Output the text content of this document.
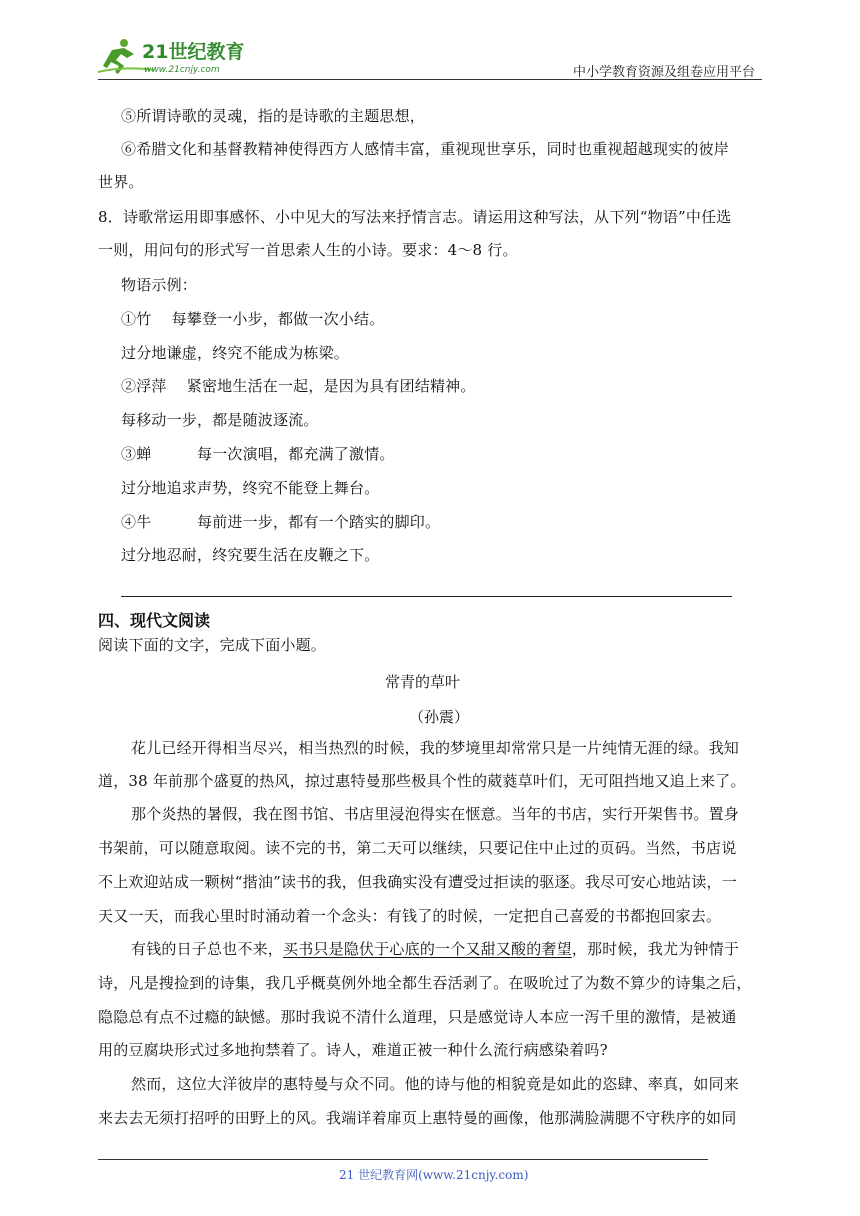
21世纪教育
www.21cnjy.com	中小学教育资源及组卷应用平台
⑤所谓诗歌的灵魂，指的是诗歌的主题思想，
⑥希腊文化和基督教精神使得西方人感情丰富，重视现世享乐，同时也重视超越现实的彼岸
世界。
8．诗歌常运用即事感怀、小中见大的写法来抒情言志。请运用这种写法，从下列“物语”中任选
一则，用问句的形式写一首思索人生的小诗。要求：4～8 行。
物语示例：
①竹　 每攀登一小步，都做一次小结。
过分地谦虚，终究不能成为栋梁。
②浮萍　 紧密地生活在一起，是因为具有团结精神。
每移动一步，都是随波逐流。
③蝉　　　每一次演唱，都充满了激情。
过分地追求声势，终究不能登上舞台。
④牛　　　每前进一步，都有一个踏实的脚印。
过分地忍耐，终究要生活在皮鞭之下。
四、现代文阅读
阅读下面的文字，完成下面小题。
常青的草叶
（孙震）
花儿已经开得相当尽兴，相当热烈的时候，我的梦境里却常常只是一片纯情无涯的绿。我知
道，38 年前那个盛夏的热风，掠过惠特曼那些极具个性的葳蕤草叶们，无可阻挡地又追上来了。
那个炎热的暑假，我在图书馆、书店里浸泡得实在惬意。当年的书店，实行开架售书。置身
书架前，可以随意取阅。读不完的书，第二天可以继续，只要记住中止过的页码。当然，书店说
不上欢迎站成一颗树“揩油”读书的我，但我确实没有遭受过拒读的驱逐。我尽可安心地站读，一
天又一天，而我心里时时涌动着一个念头：有钱了的时候，一定把自己喜爱的书都抱回家去。
有钱的日子总也不来，买书只是隐伏于心底的一个又甜又酸的奢望，那时候，我尤为钟情于
诗，凡是搜捡到的诗集，我几乎概莫例外地全都生吞活剥了。在吸吮过了为数不算少的诗集之后，
隐隐总有点不过瘾的缺憾。那时我说不清什么道理，只是感觉诗人本应一泻千里的激情，是被通
用的豆腐块形式过多地拘禁着了。诗人，难道正被一种什么流行病感染着吗?
然而，这位大洋彼岸的惠特曼与众不同。他的诗与他的相貌竟是如此的恣肆、率真，如同来
来去去无须打招呼的田野上的风。我端详着扉页上惠特曼的画像，他那满脸满腮不守秩序的如同
21 世纪教育网(www.21cnjy.com)
